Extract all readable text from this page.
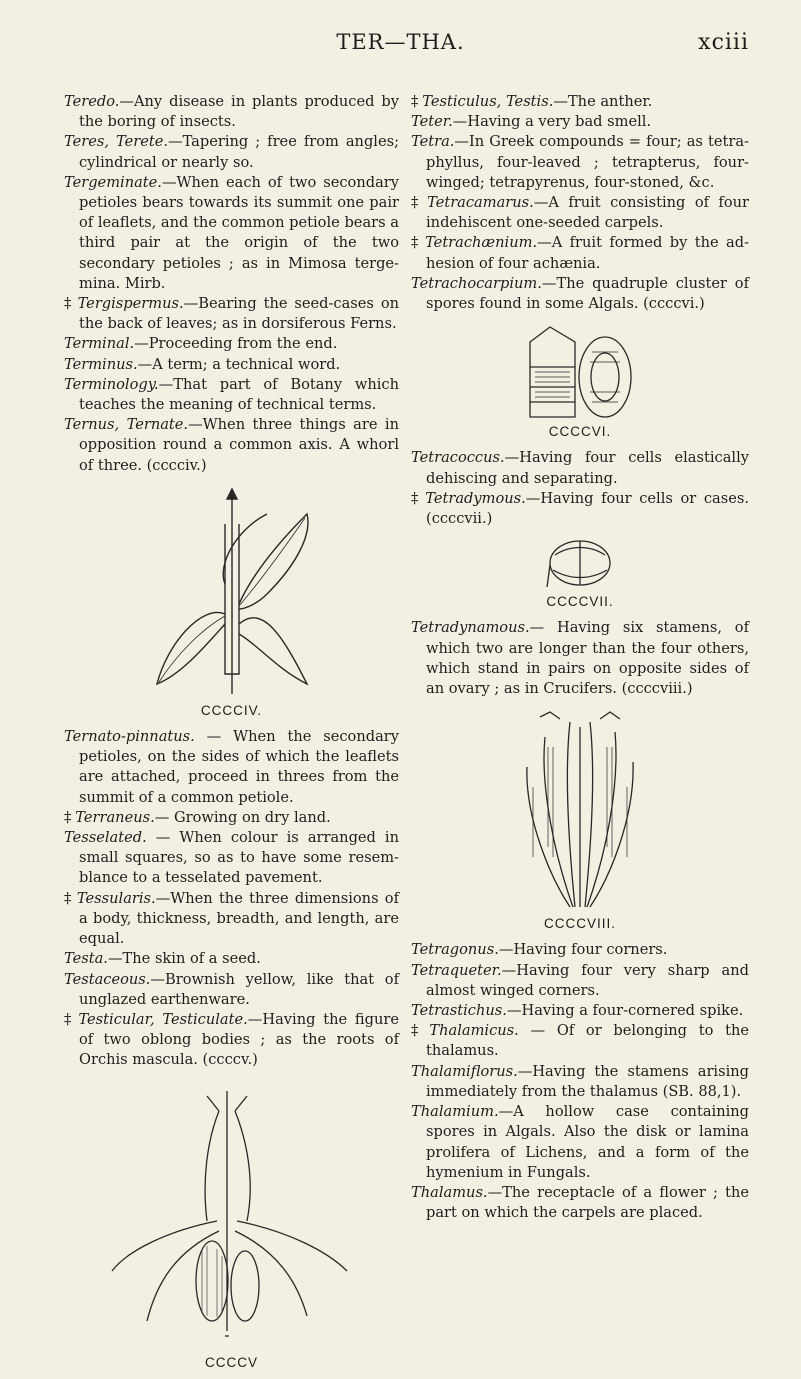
TER—THA.	xciii

Teredo.—Any disease in plants produced by the boring of insects.

Teres, Terete.—Tapering ; free from angles; cylindrical or nearly so.

Tergeminate.—When each of two secondary petioles bears towards its summit one pair of leaflets, and the common petiole bears a third pair at the origin of the two secondary petioles ; as in Mimosa terge-mina. Mirb.

‡ Tergispermus.—Bearing the seed-cases on the back of leaves; as in dorsiferous Ferns.

Terminal.—Proceeding from the end.

Terminus.—A term; a technical word.

Terminology.—That part of Botany which teaches the meaning of technical terms.

Ternus, Ternate.—When three things are in opposition round a common axis. A whorl of three. (cccciv.)

CCCCIV.

Ternato-pinnatus. — When the secondary petioles, on the sides of which the leaflets are attached, proceed in threes from the summit of a common petiole.

‡ Terraneus.— Growing on dry land.

Tesselated. — When colour is arranged in small squares, so as to have some resem-blance to a tesselated pavement.

‡ Tessularis.—When the three dimensions of a body, thickness, breadth, and length, are equal.

Testa.—The skin of a seed.

Testaceous.—Brownish yellow, like that of unglazed earthenware.

‡ Testicular, Testiculate.—Having the figure of two oblong bodies ; as the roots of Orchis mascula. (ccccv.)

CCCCV

‡ Testiculus, Testis.—The anther.

Teter.—Having a very bad smell.

Tetra.—In Greek compounds = four; as tetra-phyllus, four-leaved ; tetrapterus, four-winged; tetrapyrenus, four-stoned, &c.

‡ Tetracamarus.—A fruit consisting of four indehiscent one-seeded carpels.

‡ Tetrachænium.—A fruit formed by the ad-hesion of four achænia.

Tetrachocarpium.—The quadruple cluster of spores found in some Algals. (ccccvi.)

CCCCVI.

Tetracoccus.—Having four cells elastically dehiscing and separating.

‡ Tetradymous.—Having four cells or cases. (ccccvii.)

CCCCVII.

Tetradynamous.— Having six stamens, of which two are longer than the four others, which stand in pairs on opposite sides of an ovary ; as in Crucifers. (ccccviii.)

CCCCVIII.

Tetragonus.—Having four corners.

Tetraqueter.—Having four very sharp and almost winged corners.

Tetrastichus.—Having a four-cornered spike.

‡ Thalamicus. — Of or belonging to the thalamus.

Thalamiflorus.—Having the stamens arising immediately from the thalamus (SB. 88,1).

Thalamium.—A hollow case containing spores in Algals. Also the disk or lamina prolifera of Lichens, and a form of the hymenium in Fungals.

Thalamus.—The receptacle of a flower ; the part on which the carpels are placed.
